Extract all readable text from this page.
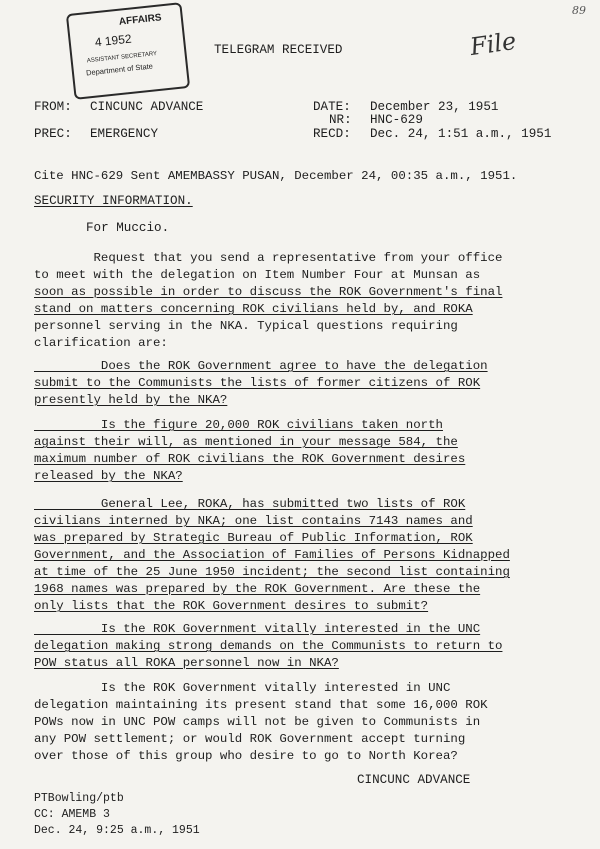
89
AFFAIRS
4 1952
ASSISTANT SECRETARY
Department of State
File
TELEGRAM RECEIVED
FROM: CINCUNC ADVANCE
PREC: EMERGENCY
DATE: December 23, 1951
NR: HNC-629
RECD: Dec. 24, 1:51 a.m., 1951
Cite HNC-629 Sent AMEMBASSY PUSAN, December 24, 00:35 a.m., 1951.
SECURITY INFORMATION.
For Muccio.
Request that you send a representative from your office
to meet with the delegation on Item Number Four at Munsan as
soon as possible in order to discuss the ROK Government's final
stand on matters concerning ROK civilians held by, and ROKA
personnel serving in the NKA. Typical questions requiring
clarification are:
Does the ROK Government agree to have the delegation
submit to the Communists the lists of former citizens of ROK
presently held by the NKA?
Is the figure 20,000 ROK civilians taken north
against their will, as mentioned in your message 584, the
maximum number of ROK civilians the ROK Government desires
released by the NKA?
General Lee, ROKA, has submitted two lists of ROK
civilians interned by NKA; one list contains 7143 names and
was prepared by Strategic Bureau of Public Information, ROK
Government, and the Association of Families of Persons Kidnapped
at time of the 25 June 1950 incident; the second list containing
1968 names was prepared by the ROK Government. Are these the
only lists that the ROK Government desires to submit?
Is the ROK Government vitally interested in the UNC
delegation making strong demands on the Communists to return to
POW status all ROKA personnel now in NKA?
Is the ROK Government vitally interested in UNC
delegation maintaining its present stand that some 16,000 ROK
POWs now in UNC POW camps will not be given to Communists in
any POW settlement; or would ROK Government accept turning
over those of this group who desire to go to North Korea?
CINCUNC ADVANCE
PTBowling/ptb
CC: AMEMB 3
Dec. 24, 9:25 a.m., 1951
